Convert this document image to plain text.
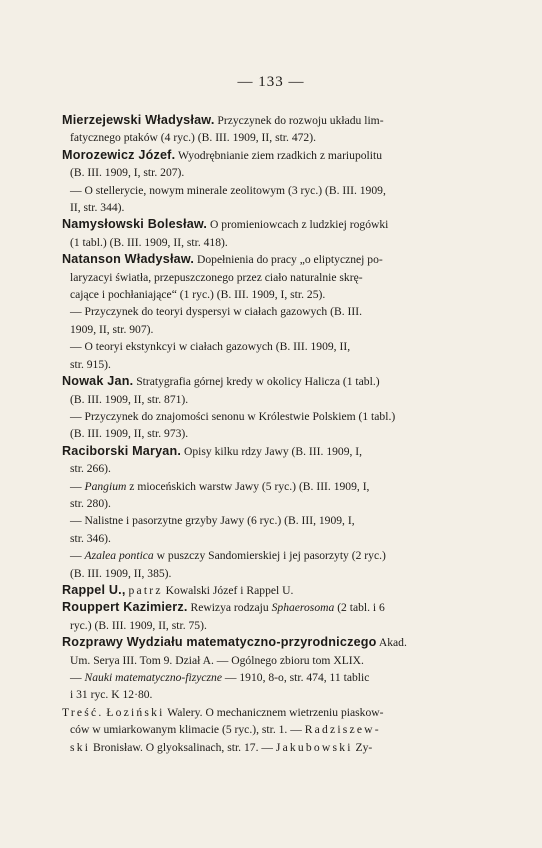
— 133 —

Mierzejewski Władysław. Przyczynek do rozwoju układu lim-
fatycznego ptaków (4 ryc.) (B. III. 1909, II, str. 472).

Morozewicz Józef. Wyodrębnianie ziem rzadkich z mariupolitu
(B. III. 1909, I, str. 207).
— O stellerycie, nowym minerale zeolitowym (3 ryc.) (B. III. 1909,
II, str. 344).

Namysłowski Bolesław. O promieniowcach z ludzkiej rogówki
(1 tabl.) (B. III. 1909, II, str. 418).

Natanson Władysław. Dopełnienia do pracy „o eliptycznej po-
laryzacyi światła, przepuszczonego przez ciało naturalnie skrę-
cające i pochłaniające“ (1 ryc.) (B. III. 1909, I, str. 25).
— Przyczynek do teoryi dyspersyi w ciałach gazowych (B. III.
1909, II, str. 907).
— O teoryi ekstynkcyi w ciałach gazowych (B. III. 1909, II,
str. 915).

Nowak Jan. Stratygrafia górnej kredy w okolicy Halicza (1 tabl.)
(B. III. 1909, II, str. 871).
— Przyczynek do znajomości senonu w Królestwie Polskiem (1 tabl.)
(B. III. 1909, II, str. 973).

Raciborski Maryan. Opisy kilku rdzy Jawy (B. III. 1909, I,
str. 266).
— Pangium z mioceńskich warstw Jawy (5 ryc.) (B. III. 1909, I,
str. 280).
— Nalistne i pasorzytne grzyby Jawy (6 ryc.) (B. III, 1909, I,
str. 346).
— Azalea pontica w puszczy Sandomierskiej i jej pasorzyty (2 ryc.)
(B. III. 1909, II, 385).

Rappel U., patrz Kowalski Józef i Rappel U.

Rouppert Kazimierz. Rewizya rodzaju Sphaerosoma (2 tabl. i 6
ryc.) (B. III. 1909, II, str. 75).

Rozprawy Wydziału matematyczno-przyrodniczego Akad.
Um. Serya III. Tom 9. Dział A. — Ogólnego zbioru tom XLIX.
— Nauki matematyczno-fizyczne — 1910, 8-o, str. 474, 11 tablic
i 31 ryc. K 12·80.
Treść. Łoziński Walery. O mechanicznem wietrzeniu piaskow-
ców w umiarkowanym klimacie (5 ryc.), str. 1. — Radziszew-
ski Bronisław. O glyoksalinach, str. 17. — Jakubowski Zy-
